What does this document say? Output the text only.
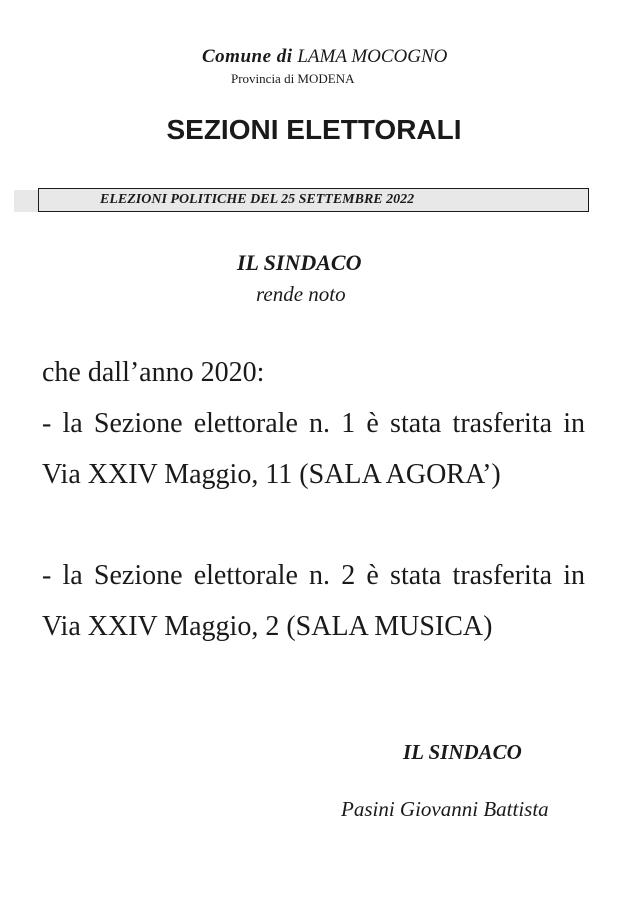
Comune di LAMA MOCOGNO
Provincia di MODENA
SEZIONI ELETTORALI
ELEZIONI POLITICHE DEL 25 SETTEMBRE 2022
IL SINDACO
rende noto

che dall’anno 2020:

- la Sezione elettorale n. 1 è stata trasferita in Via XXIV Maggio, 11 (SALA AGORA’)

- la Sezione elettorale n. 2 è stata trasferita in Via XXIV Maggio, 2 (SALA MUSICA)

IL SINDACO
Pasini Giovanni Battista
